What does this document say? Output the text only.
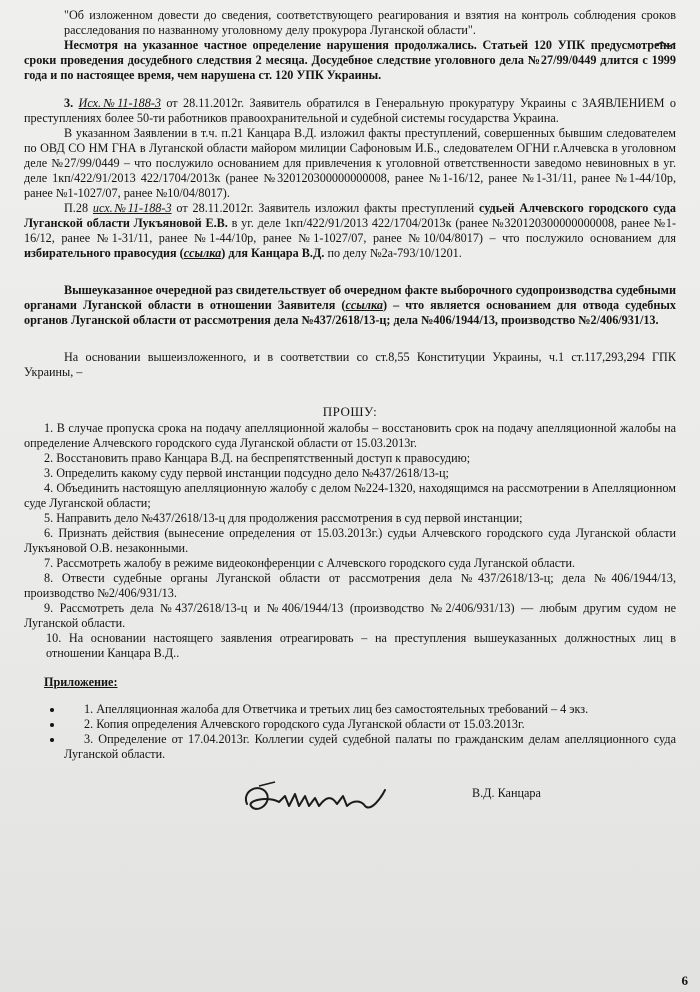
"Об изложенном довести до сведения, соответствующего реагирования и взятия на контроль соблюдения сроков расследования по названному уголовному делу прокурора Луганской области".

Несмотря на указанное частное определение нарушения продолжались. Статьей 120 УПК предусмотрены сроки проведения досудебного следствия 2 месяца. Досудебное следствие уголовного дела №27/99/0449 длится с 1999 года и по настоящее время, чем нарушена ст. 120 УПК Украины.

3. Исх.№11-188-3 от 28.11.2012г. Заявитель обратился в Генеральную прокуратуру Украины с ЗАЯВЛЕНИЕМ о преступлениях более 50-ти работников правоохранительной и судебной системы государства Украина.

В указанном Заявлении в т.ч. п.21 Канцара В.Д. изложил факты преступлений, совершенных бывшим следователем по ОВД СО НМ ГНА в Луганской области майором милиции Сафоновым И.Б., следователем ОГНИ г.Алчевска в уголовном деле №27/99/0449 – что послужило основанием для привлечения к уголовной ответственности заведомо невиновных в уг. деле 1кп/422/91/2013 422/1704/2013к (ранее №320120300000000008, ранее №1-16/12, ранее №1-31/11, ранее №1-44/10р, ранее №1-1027/07, ранее №10/04/8017).

П.28 исх.№11-188-3 от 28.11.2012г. Заявитель изложил факты преступлений судьей Алчевского городского суда Луганской области Лукъяновой Е.В. в уг. деле 1кп/422/91/2013 422/1704/2013к (ранее №320120300000000008, ранее №1-16/12, ранее №1-31/11, ранее №1-44/10р, ранее №1-1027/07, ранее №10/04/8017) – что послужило основанием для избирательного правосудия (ссылка) для Канцара В.Д. по делу №2а-793/10/1201.

Вышеуказанное очередной раз свидетельствует об очередном факте выборочного судопроизводства судебными органами Луганской области в отношении Заявителя (ссылка) – что является основанием для отвода судебных органов Луганской области от рассмотрения дела №437/2618/13-ц; дела №406/1944/13, производство №2/406/931/13.

На основании вышеизложенного, и в соответствии со ст.8,55 Конституции Украины, ч.1 ст.117,293,294 ГПК Украины, –

ПРОШУ:
1. В случае пропуска срока на подачу апелляционной жалобы – восстановить срок на подачу апелляционной жалобы на определение Алчевского городского суда Луганской области от 15.03.2013г.
2. Восстановить право Канцара В.Д. на беспрепятственный доступ к правосудию;
3. Определить какому суду первой инстанции подсудно дело №437/2618/13-ц;
4. Объединить настоящую апелляционную жалобу с делом №224-1320, находящимся на рассмотрении в Апелляционном суде Луганской области;
5. Направить дело №437/2618/13-ц для продолжения рассмотрения в суд первой инстанции;
6. Признать действия (вынесение определения от 15.03.2013г.) судьи Алчевского городского суда Луганской области Лукъяновой О.В. незаконными.
7. Рассмотреть жалобу в режиме видеоконференции с Алчевского городского суда Луганской области.
8. Отвести судебные органы Луганской области от рассмотрения дела №437/2618/13-ц; дела №406/1944/13, производство №2/406/931/13.
9. Рассмотреть дела №437/2618/13-ц и №406/1944/13 (производство №2/406/931/13) — любым другим судом не Луганской области.
10. На основании настоящего заявления отреагировать – на преступления вышеуказанных должностных лиц в отношении Канцара В.Д..
Приложение:
• 1. Апелляционная жалоба для Ответчика и третьих лиц без самостоятельных требований – 4 экз.
• 2. Копия определения Алчевского городского суда Луганской области от 15.03.2013г.
• 3. Определение от 17.04.2013г. Коллегии судей судебной палаты по гражданским делам апелляционного суда Луганской области.
В.Д. Канцара
6
